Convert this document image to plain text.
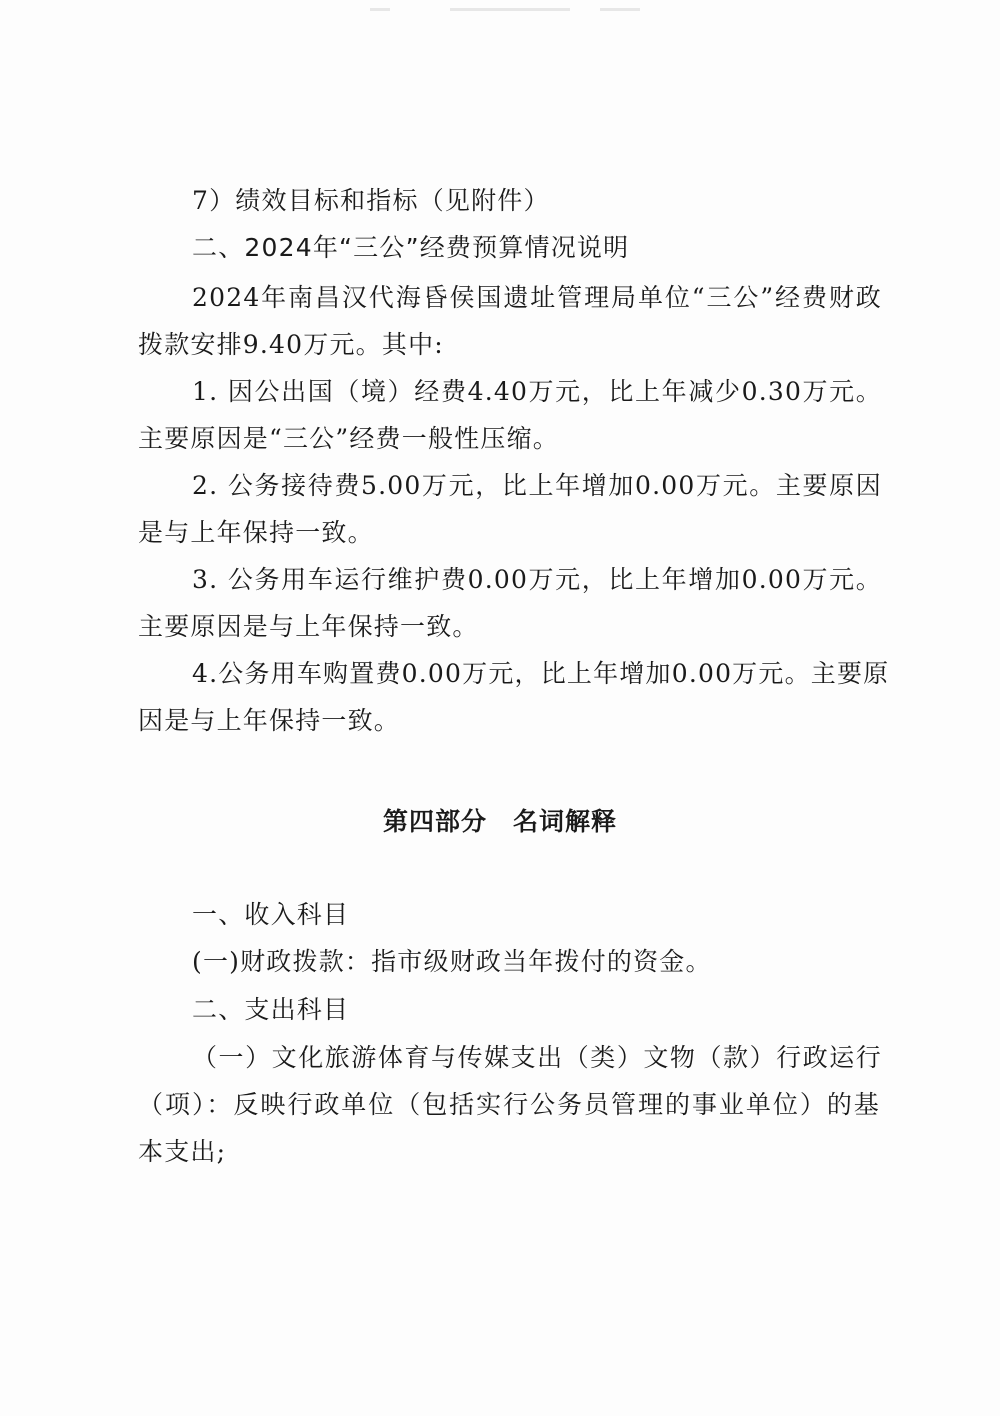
7）绩效目标和指标（见附件）
二、2024年“三公”经费预算情况说明
2024年南昌汉代海昏侯国遗址管理局单位“三公”经费财政
拨款安排9.40万元。其中:
1. 因公出国（境）经费4.40万元，比上年减少0.30万元。
主要原因是“三公”经费一般性压缩。
2. 公务接待费5.00万元，比上年增加0.00万元。主要原因
是与上年保持一致。
3. 公务用车运行维护费0.00万元，比上年增加0.00万元。
主要原因是与上年保持一致。
4.公务用车购置费0.00万元，比上年增加0.00万元。主要原
因是与上年保持一致。
第四部分　名词解释
一、收入科目
(一)财政拨款：指市级财政当年拨付的资金。
二、支出科目
（一）文化旅游体育与传媒支出（类）文物（款）行政运行
（项）：反映行政单位（包括实行公务员管理的事业单位）的基
本支出;
